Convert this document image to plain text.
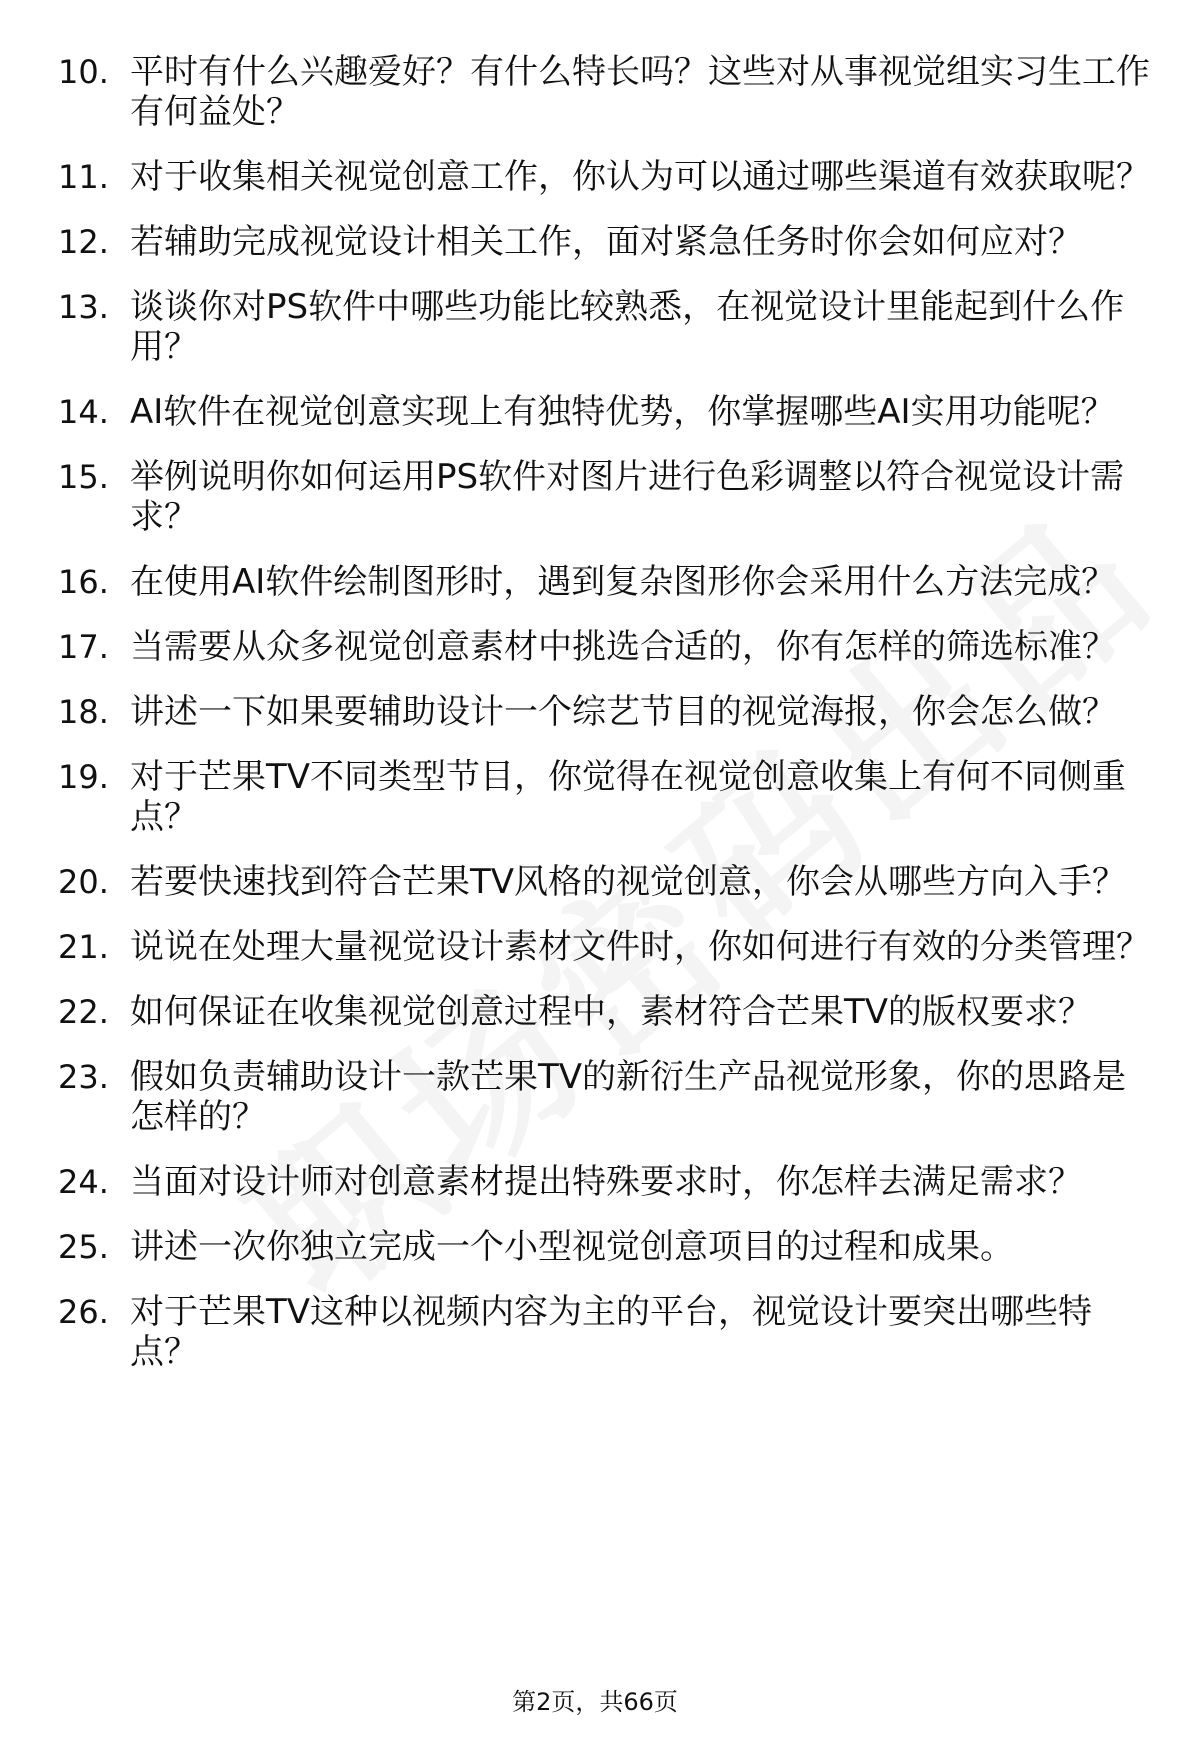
10. 平时有什么兴趣爱好？有什么特长吗？这些对从事视觉组实习生工作有何益处？
11. 对于收集相关视觉创意工作，你认为可以通过哪些渠道有效获取呢？
12. 若辅助完成视觉设计相关工作，面对紧急任务时你会如何应对？
13. 谈谈你对PS软件中哪些功能比较熟悉，在视觉设计里能起到什么作用？
14. AI软件在视觉创意实现上有独特优势，你掌握哪些AI实用功能呢？
15. 举例说明你如何运用PS软件对图片进行色彩调整以符合视觉设计需求？
16. 在使用AI软件绘制图形时，遇到复杂图形你会采用什么方法完成？
17. 当需要从众多视觉创意素材中挑选合适的，你有怎样的筛选标准？
18. 讲述一下如果要辅助设计一个综艺节目的视觉海报，你会怎么做？
19. 对于芒果TV不同类型节目，你觉得在视觉创意收集上有何不同侧重点？
20. 若要快速找到符合芒果TV风格的视觉创意，你会从哪些方向入手？
21. 说说在处理大量视觉设计素材文件时，你如何进行有效的分类管理？
22. 如何保证在收集视觉创意过程中，素材符合芒果TV的版权要求？
23. 假如负责辅助设计一款芒果TV的新衍生产品视觉形象，你的思路是怎样的？
24. 当面对设计师对创意素材提出特殊要求时，你怎样去满足需求？
25. 讲述一次你独立完成一个小型视觉创意项目的过程和成果。
26. 对于芒果TV这种以视频内容为主的平台，视觉设计要突出哪些特点？
第2页，共66页
